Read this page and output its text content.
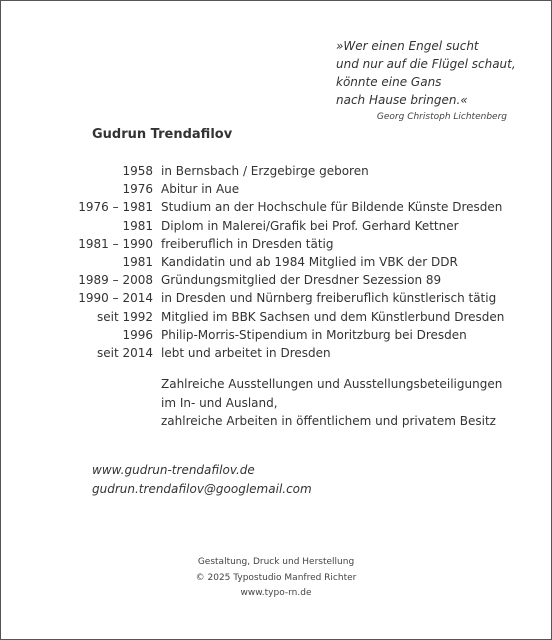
»Wer einen Engel sucht
und nur auf die Flügel schaut,
könnte eine Gans
nach Hause bringen.«
Georg Christoph Lichtenberg
Gudrun Trendafilov
1958 in Bernsbach / Erzgebirge geboren
1976 Abitur in Aue
1976 – 1981 Studium an der Hochschule für Bildende Künste Dresden
1981 Diplom in Malerei/Grafik bei Prof. Gerhard Kettner
1981 – 1990 freiberuflich in Dresden tätig
1981 Kandidatin und ab 1984 Mitglied im VBK der DDR
1989 – 2008 Gründungsmitglied der Dresdner Sezession 89
1990 – 2014 in Dresden und Nürnberg freiberuflich künstlerisch tätig
seit 1992 Mitglied im BBK Sachsen und dem Künstlerbund Dresden
1996 Philip-Morris-Stipendium in Moritzburg bei Dresden
seit 2014 lebt und arbeitet in Dresden
Zahlreiche Ausstellungen und Ausstellungsbeteiligungen
im In- und Ausland,
zahlreiche Arbeiten in öffentlichem und privatem Besitz
www.gudrun-trendafilov.de
gudrun.trendafilov@googlemail.com
Gestaltung, Druck und Herstellung
© 2025 Typostudio Manfred Richter
www.typo-rn.de
